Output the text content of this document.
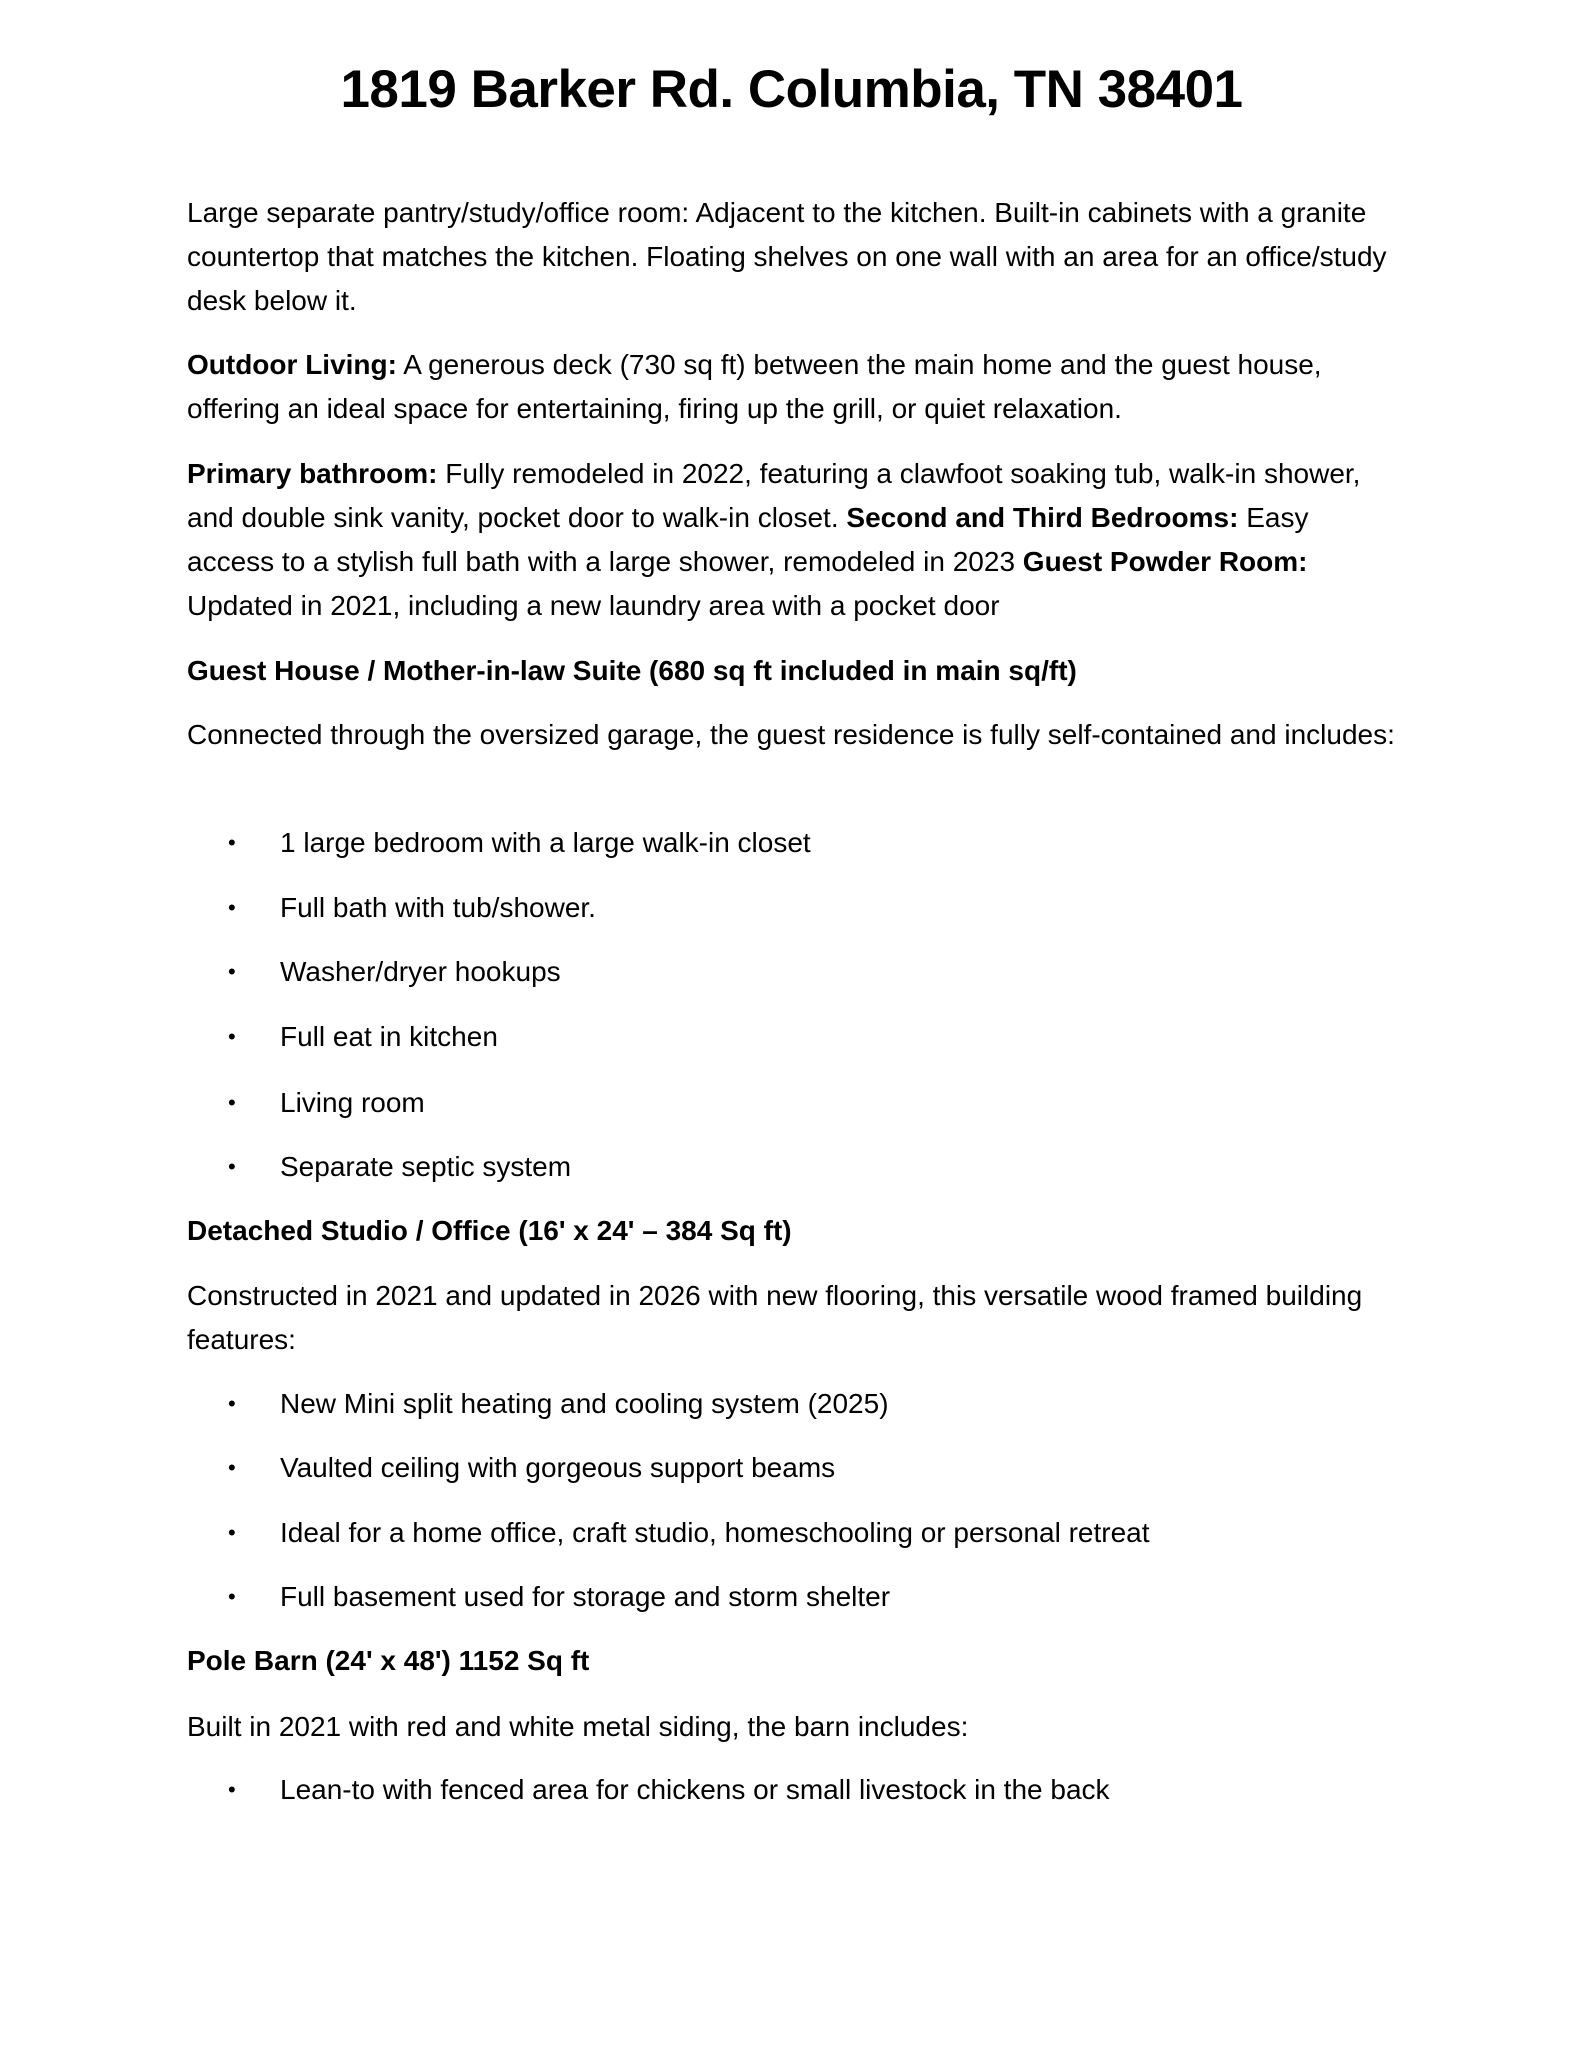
1819 Barker Rd. Columbia, TN 38401

Large separate pantry/study/office room: Adjacent to the kitchen. Built-in cabinets with a granite countertop that matches the kitchen. Floating shelves on one wall with an area for an office/study desk below it.

Outdoor Living: A generous deck (730 sq ft) between the main home and the guest house, offering an ideal space for entertaining, firing up the grill, or quiet relaxation.

Primary bathroom: Fully remodeled in 2022, featuring a clawfoot soaking tub, walk-in shower, and double sink vanity, pocket door to walk-in closet. Second and Third Bedrooms: Easy access to a stylish full bath with a large shower, remodeled in 2023 Guest Powder Room: Updated in 2021, including a new laundry area with a pocket door

Guest House / Mother-in-law Suite (680 sq ft included in main sq/ft)

Connected through the oversized garage, the guest residence is fully self-contained and includes:

• 1 large bedroom with a large walk-in closet

• Full bath with tub/shower.

• Washer/dryer hookups

• Full eat in kitchen

• Living room

• Separate septic system

Detached Studio / Office (16' x 24' – 384 Sq ft)

Constructed in 2021 and updated in 2026 with new flooring, this versatile wood framed building features:

• New Mini split heating and cooling system (2025)

• Vaulted ceiling with gorgeous support beams

• Ideal for a home office, craft studio, homeschooling or personal retreat

• Full basement used for storage and storm shelter

Pole Barn (24' x 48') 1152 Sq ft

Built in 2021 with red and white metal siding, the barn includes:

• Lean-to with fenced area for chickens or small livestock in the back
